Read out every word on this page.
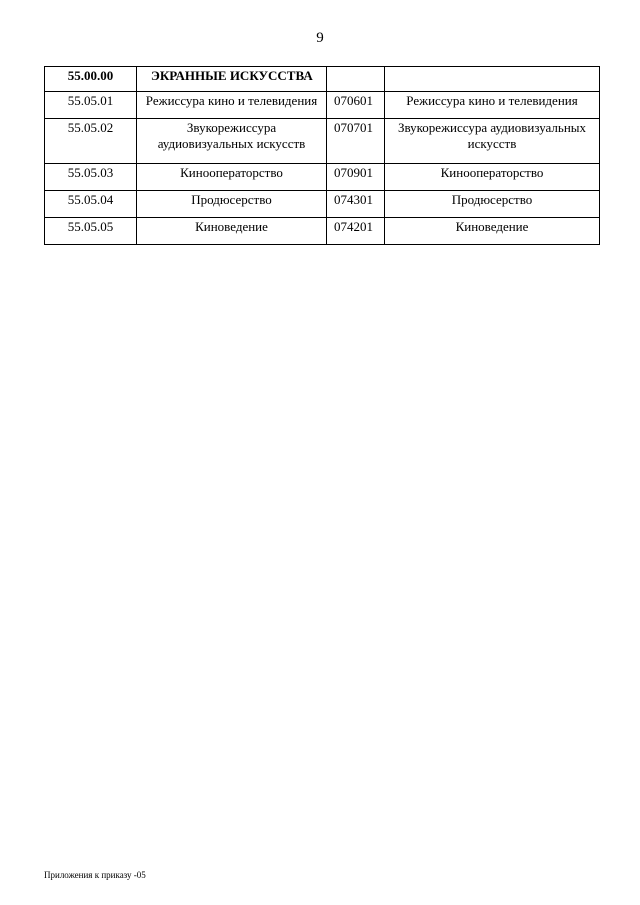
9
55.00.00	ЭКРАННЫЕ ИСКУССТВА		
55.05.01	Режиссура кино и телевидения	070601	Режиссура кино и телевидения
55.05.02	Звукорежиссура аудиовизуальных искусств	070701	Звукорежиссура аудиовизуальных искусств
55.05.03	Кинооператорство	070901	Кинооператорство
55.05.04	Продюсерство	074301	Продюсерство
55.05.05	Киноведение	074201	Киноведение
Приложения к приказу -05
